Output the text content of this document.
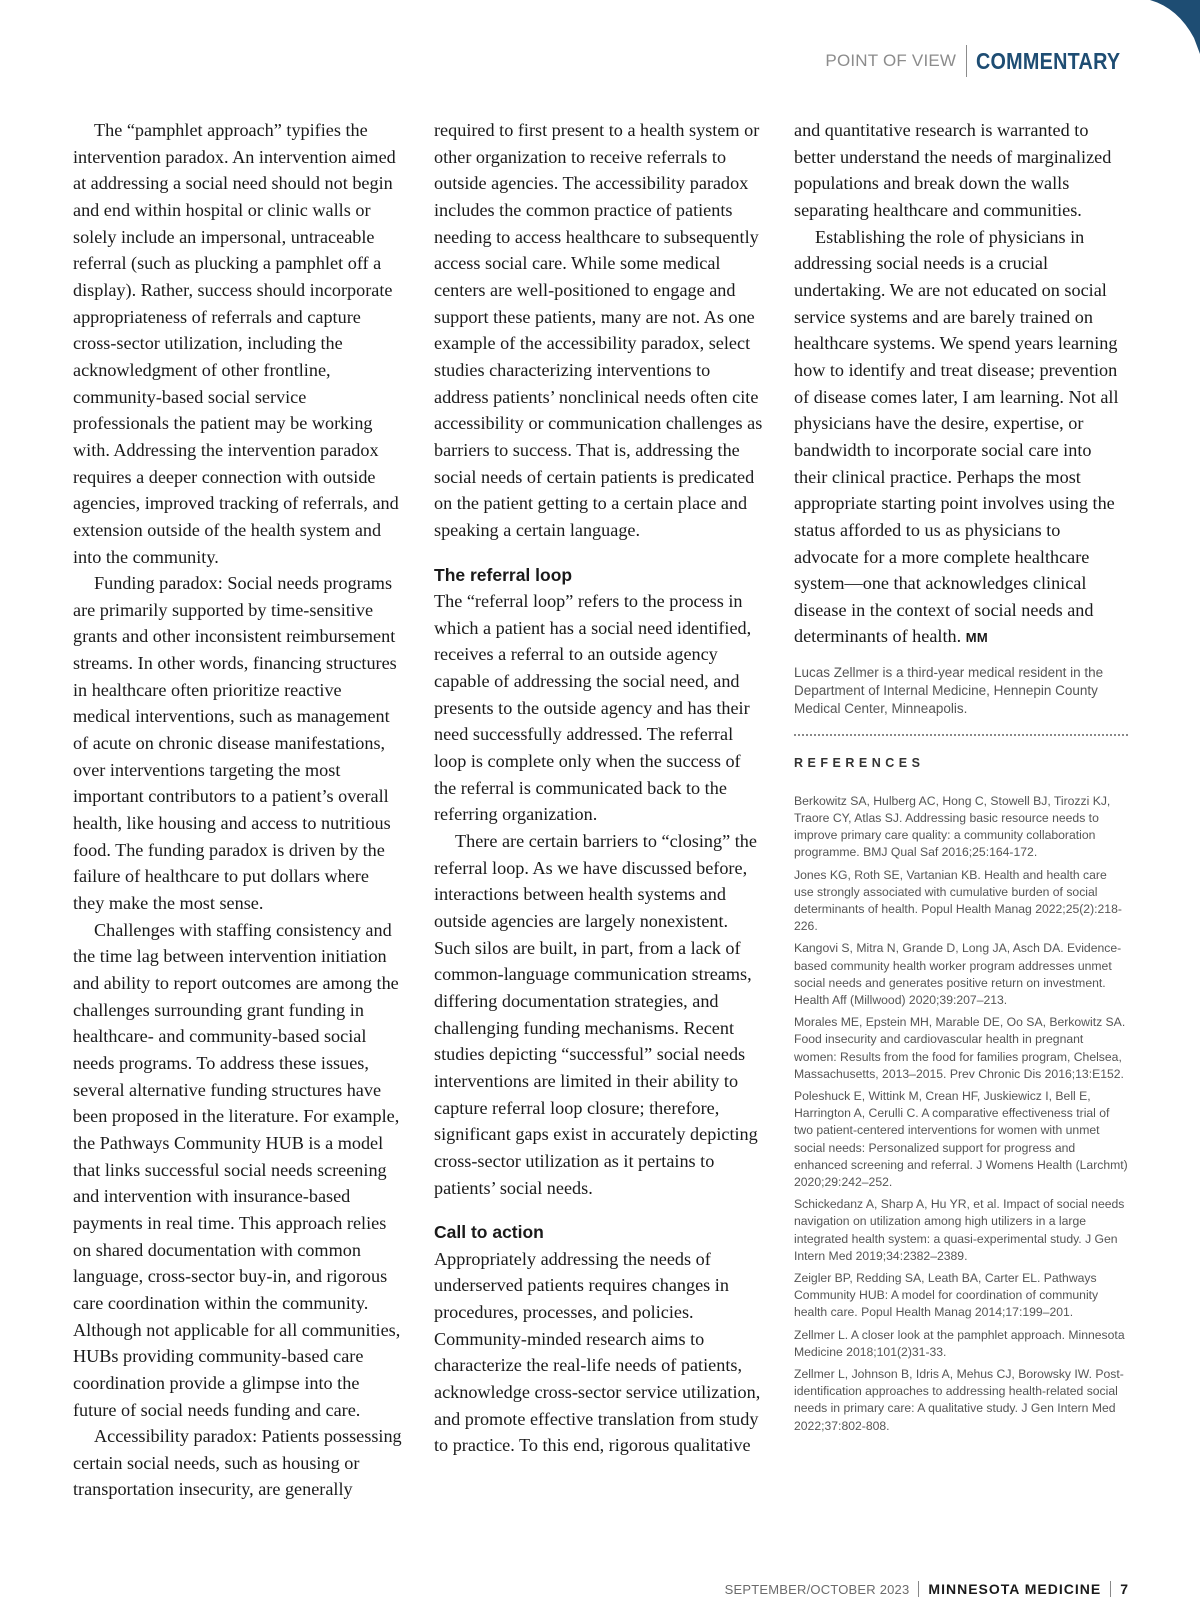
POINT OF VIEW COMMENTARY

The “pamphlet approach” typifies the intervention paradox. An intervention aimed at addressing a social need should not begin and end within hospital or clinic walls or solely include an impersonal, untraceable referral (such as plucking a pamphlet off a display). Rather, success should incorporate appropriateness of referrals and capture cross-sector utilization, including the acknowledgment of other frontline, community-based social service professionals the patient may be working with. Addressing the intervention paradox requires a deeper connection with outside agencies, improved tracking of referrals, and extension outside of the health system and into the community.

Funding paradox: Social needs programs are primarily supported by time-sensitive grants and other inconsistent reimbursement streams. In other words, financing structures in healthcare often prioritize reactive medical interventions, such as management of acute on chronic disease manifestations, over interventions targeting the most important contributors to a patient’s overall health, like housing and access to nutritious food. The funding paradox is driven by the failure of healthcare to put dollars where they make the most sense.

Challenges with staffing consistency and the time lag between intervention initiation and ability to report outcomes are among the challenges surrounding grant funding in healthcare- and community-based social needs programs. To address these issues, several alternative funding structures have been proposed in the literature. For example, the Pathways Community HUB is a model that links successful social needs screening and intervention with insurance-based payments in real time. This approach relies on shared documentation with common language, cross-sector buy-in, and rigorous care coordination within the community. Although not applicable for all communities, HUBs providing community-based care coordination provide a glimpse into the future of social needs funding and care.

Accessibility paradox: Patients possessing certain social needs, such as housing or transportation insecurity, are generally

required to first present to a health system or other organization to receive referrals to outside agencies. The accessibility paradox includes the common practice of patients needing to access healthcare to subsequently access social care. While some medical centers are well-positioned to engage and support these patients, many are not. As one example of the accessibility paradox, select studies characterizing interventions to address patients’ nonclinical needs often cite accessibility or communication challenges as barriers to success. That is, addressing the social needs of certain patients is predicated on the patient getting to a certain place and speaking a certain language.

The referral loop

The “referral loop” refers to the process in which a patient has a social need identified, receives a referral to an outside agency capable of addressing the social need, and presents to the outside agency and has their need successfully addressed. The referral loop is complete only when the success of the referral is communicated back to the referring organization.

There are certain barriers to “closing” the referral loop. As we have discussed before, interactions between health systems and outside agencies are largely nonexistent. Such silos are built, in part, from a lack of common-language communication streams, differing documentation strategies, and challenging funding mechanisms. Recent studies depicting “successful” social needs interventions are limited in their ability to capture referral loop closure; therefore, significant gaps exist in accurately depicting cross-sector utilization as it pertains to patients’ social needs.

Call to action

Appropriately addressing the needs of underserved patients requires changes in procedures, processes, and policies. Community-minded research aims to characterize the real-life needs of patients, acknowledge cross-sector service utilization, and promote effective translation from study to practice. To this end, rigorous qualitative

and quantitative research is warranted to better understand the needs of marginalized populations and break down the walls separating healthcare and communities.

Establishing the role of physicians in addressing social needs is a crucial undertaking. We are not educated on social service systems and are barely trained on healthcare systems. We spend years learning how to identify and treat disease; prevention of disease comes later, I am learning. Not all physicians have the desire, expertise, or bandwidth to incorporate social care into their clinical practice. Perhaps the most appropriate starting point involves using the status afforded to us as physicians to advocate for a more complete healthcare system—one that acknowledges clinical disease in the context of social needs and determinants of health. MM

Lucas Zellmer is a third-year medical resident in the Department of Internal Medicine, Hennepin County Medical Center, Minneapolis.
REFERENCES
Berkowitz SA, Hulberg AC, Hong C, Stowell BJ, Tirozzi KJ, Traore CY, Atlas SJ. Addressing basic resource needs to improve primary care quality: a community collaboration programme. BMJ Qual Saf 2016;25:164-172.
Jones KG, Roth SE, Vartanian KB. Health and health care use strongly associated with cumulative burden of social determinants of health. Popul Health Manag 2022;25(2):218-226.
Kangovi S, Mitra N, Grande D, Long JA, Asch DA. Evidence-based community health worker program addresses unmet social needs and generates positive return on investment. Health Aff (Millwood) 2020;39:207–213.
Morales ME, Epstein MH, Marable DE, Oo SA, Berkowitz SA. Food insecurity and cardiovascular health in pregnant women: Results from the food for families program, Chelsea, Massachusetts, 2013–2015. Prev Chronic Dis 2016;13:E152.
Poleshuck E, Wittink M, Crean HF, Juskiewicz I, Bell E, Harrington A, Cerulli C. A comparative effectiveness trial of two patient-centered interventions for women with unmet social needs: Personalized support for progress and enhanced screening and referral. J Womens Health (Larchmt) 2020;29:242–252.
Schickedanz A, Sharp A, Hu YR, et al. Impact of social needs navigation on utilization among high utilizers in a large integrated health system: a quasi-experimental study. J Gen Intern Med 2019;34:2382–2389.
Zeigler BP, Redding SA, Leath BA, Carter EL. Pathways Community HUB: A model for coordination of community health care. Popul Health Manag 2014;17:199–201.
Zellmer L. A closer look at the pamphlet approach. Minnesota Medicine 2018;101(2)31-33.
Zellmer L, Johnson B, Idris A, Mehus CJ, Borowsky IW. Post-identification approaches to addressing health-related social needs in primary care: A qualitative study. J Gen Intern Med 2022;37:802-808.
SEPTEMBER/OCTOBER 2023 MINNESOTA MEDICINE 7
